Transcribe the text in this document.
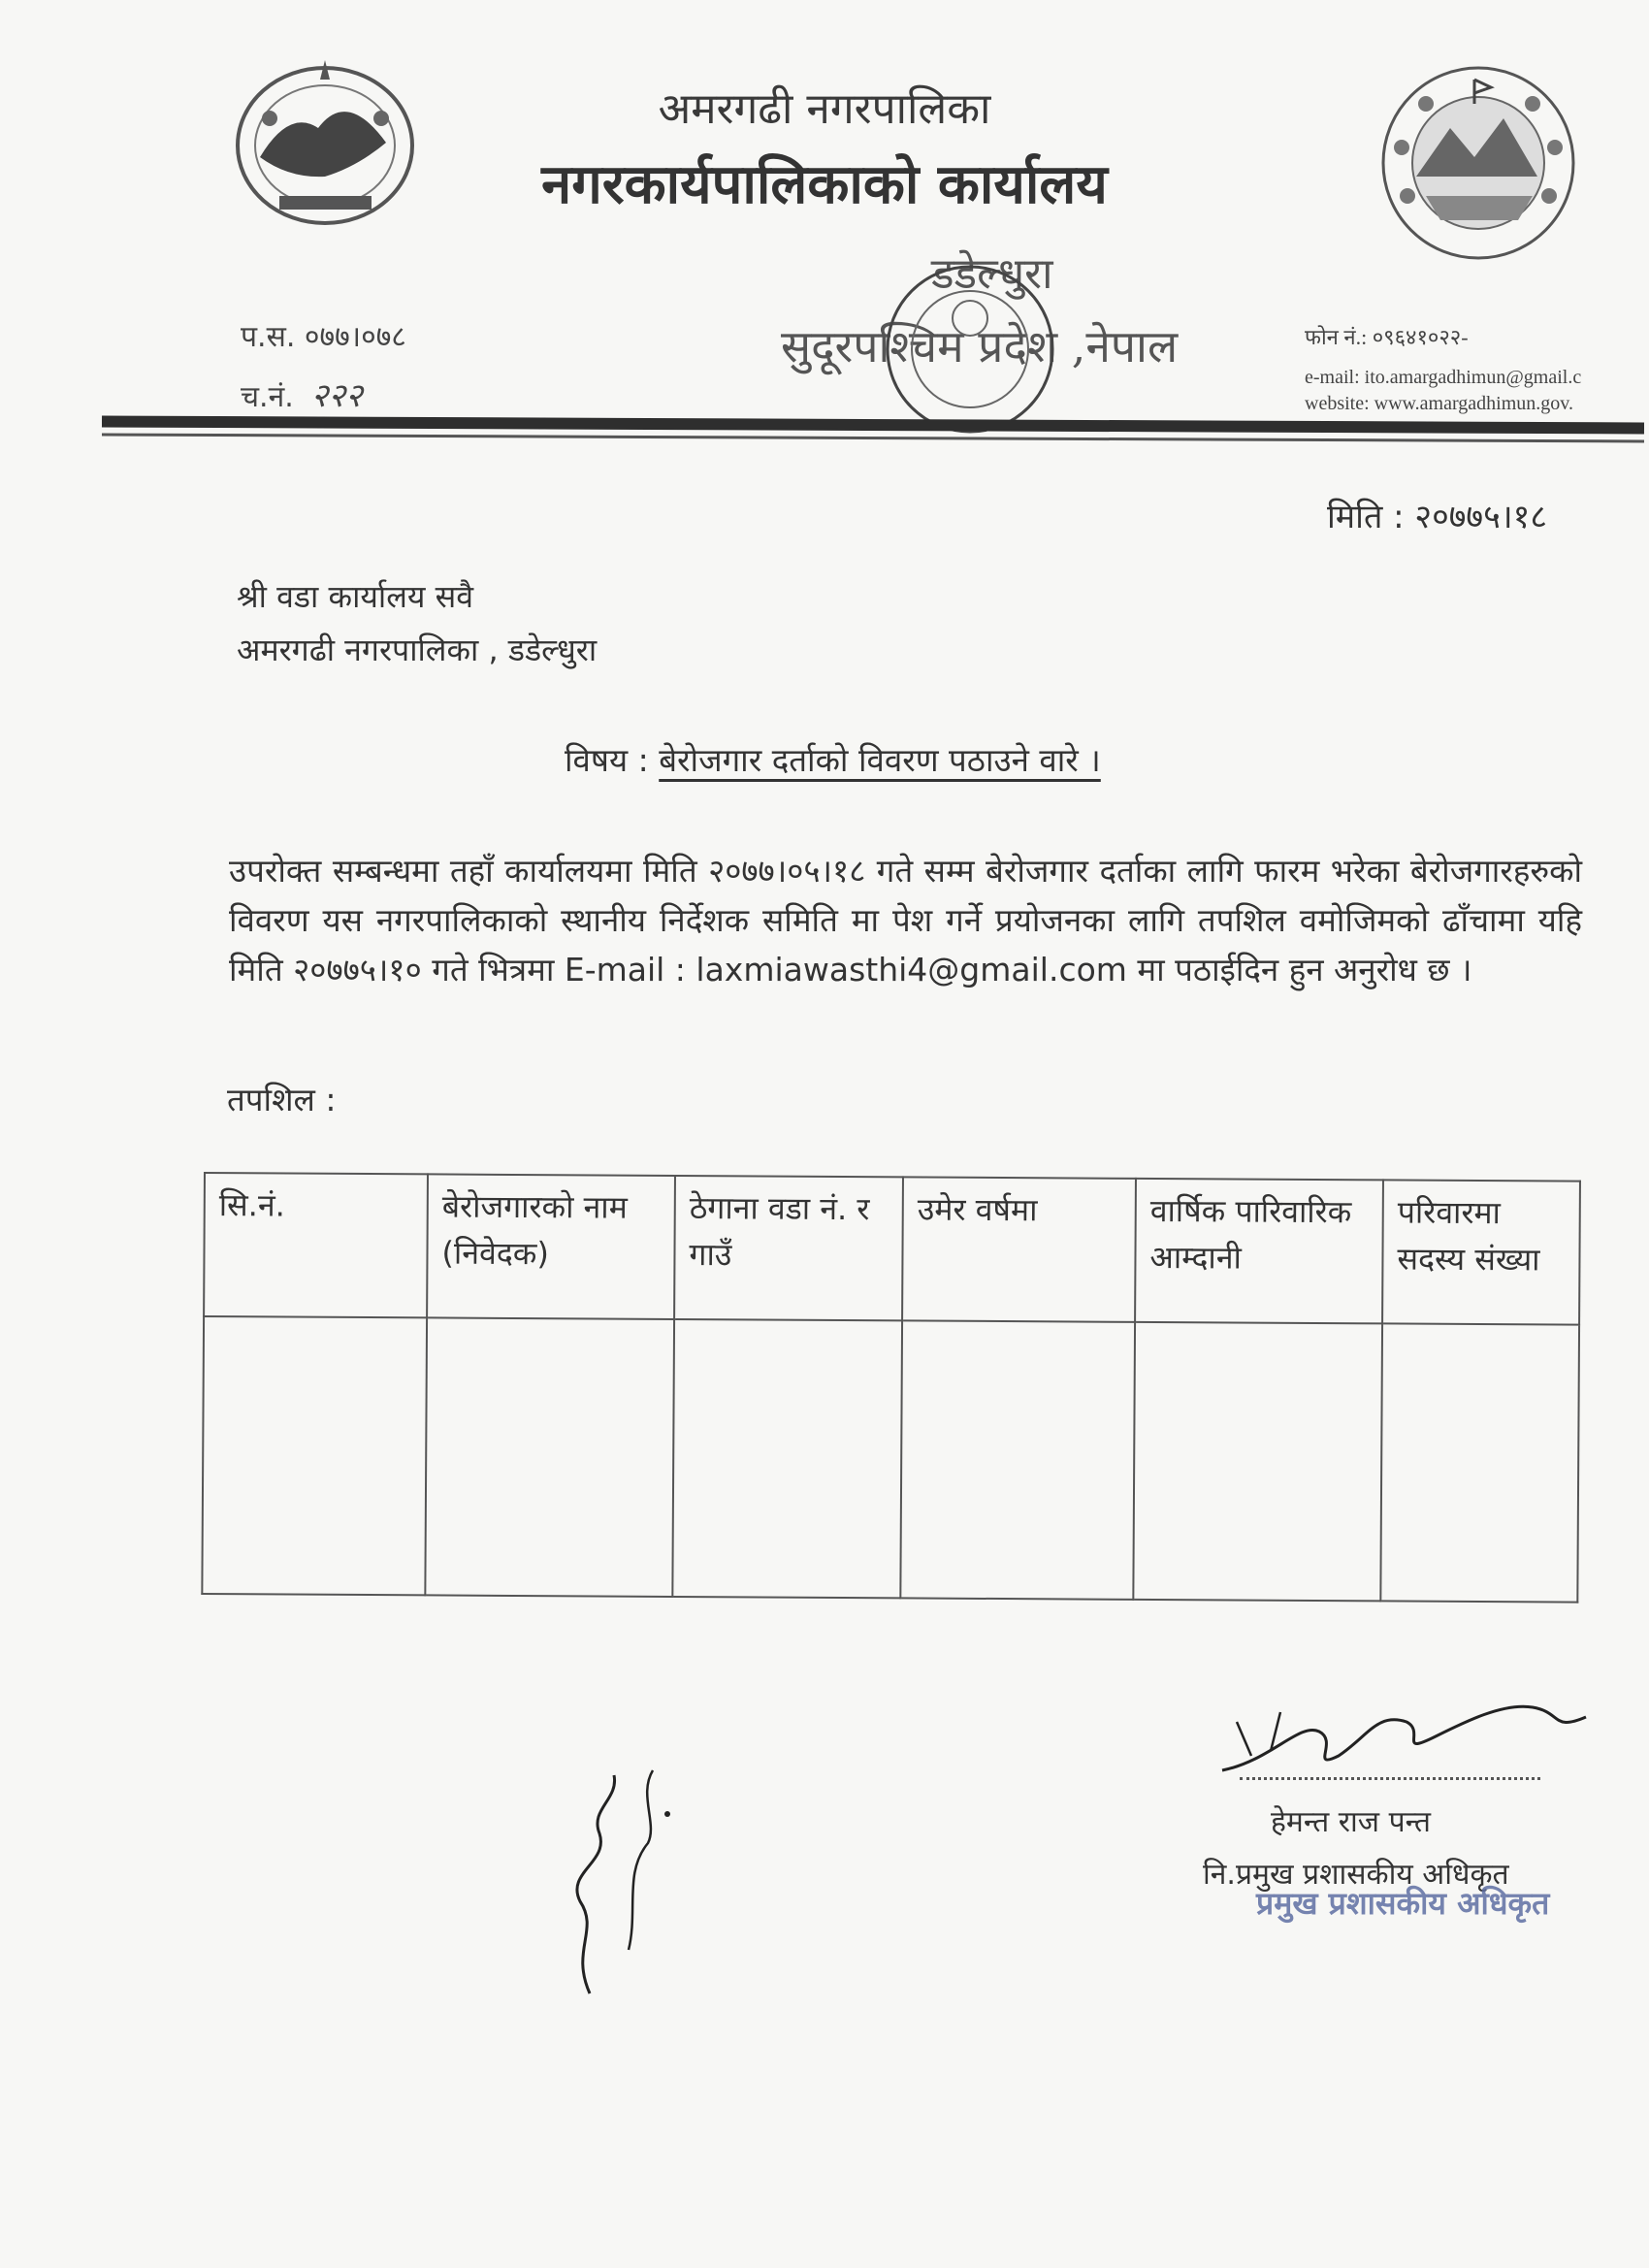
अमरगढी नगरपालिका
नगरकार्यपालिकाको कार्यालय
डडेल्धुरा
सुदूरपश्चिम प्रदेश ,नेपाल
प.स. ०७७।०७८
च.नं. २२२
फोन नं.: ०९६४१०२२-
e-mail: ito.amargadhimun@gmail.c
website: www.amargadhimun.gov.
मिति : २०७७५।१८
श्री वडा कार्यालय सवै
अमरगढी नगरपालिका , डडेल्धुरा
विषय : बेरोजगार दर्ताको विवरण पठाउने वारे ।
उपरोक्त सम्बन्धमा तहाँ कार्यालयमा मिति २०७७।०५।१८ गते सम्म बेरोजगार दर्ताका लागि फारम भरेका बेरोजगारहरुको विवरण यस नगरपालिकाको स्थानीय निर्देशक समिति मा पेश गर्ने प्रयोजनका लागि तपशिल वमोजिमको ढाँचामा यहि मिति २०७७५।१० गते भित्रमा E-mail : laxmiawasthi4@gmail.com मा पठाईदिन हुन अनुरोध छ ।
तपशिल :
सि.नं.	बेरोजगारको नाम (निवेदक)	ठेगाना वडा नं. र गाउँ	उमेर वर्षमा	वार्षिक पारिवारिक आम्दानी	परिवारमा सदस्य संख्या

हेमन्त राज पन्त
नि.प्रमुख प्रशासकीय अधिकृत
प्रमुख प्रशासकीय अधिकृत
